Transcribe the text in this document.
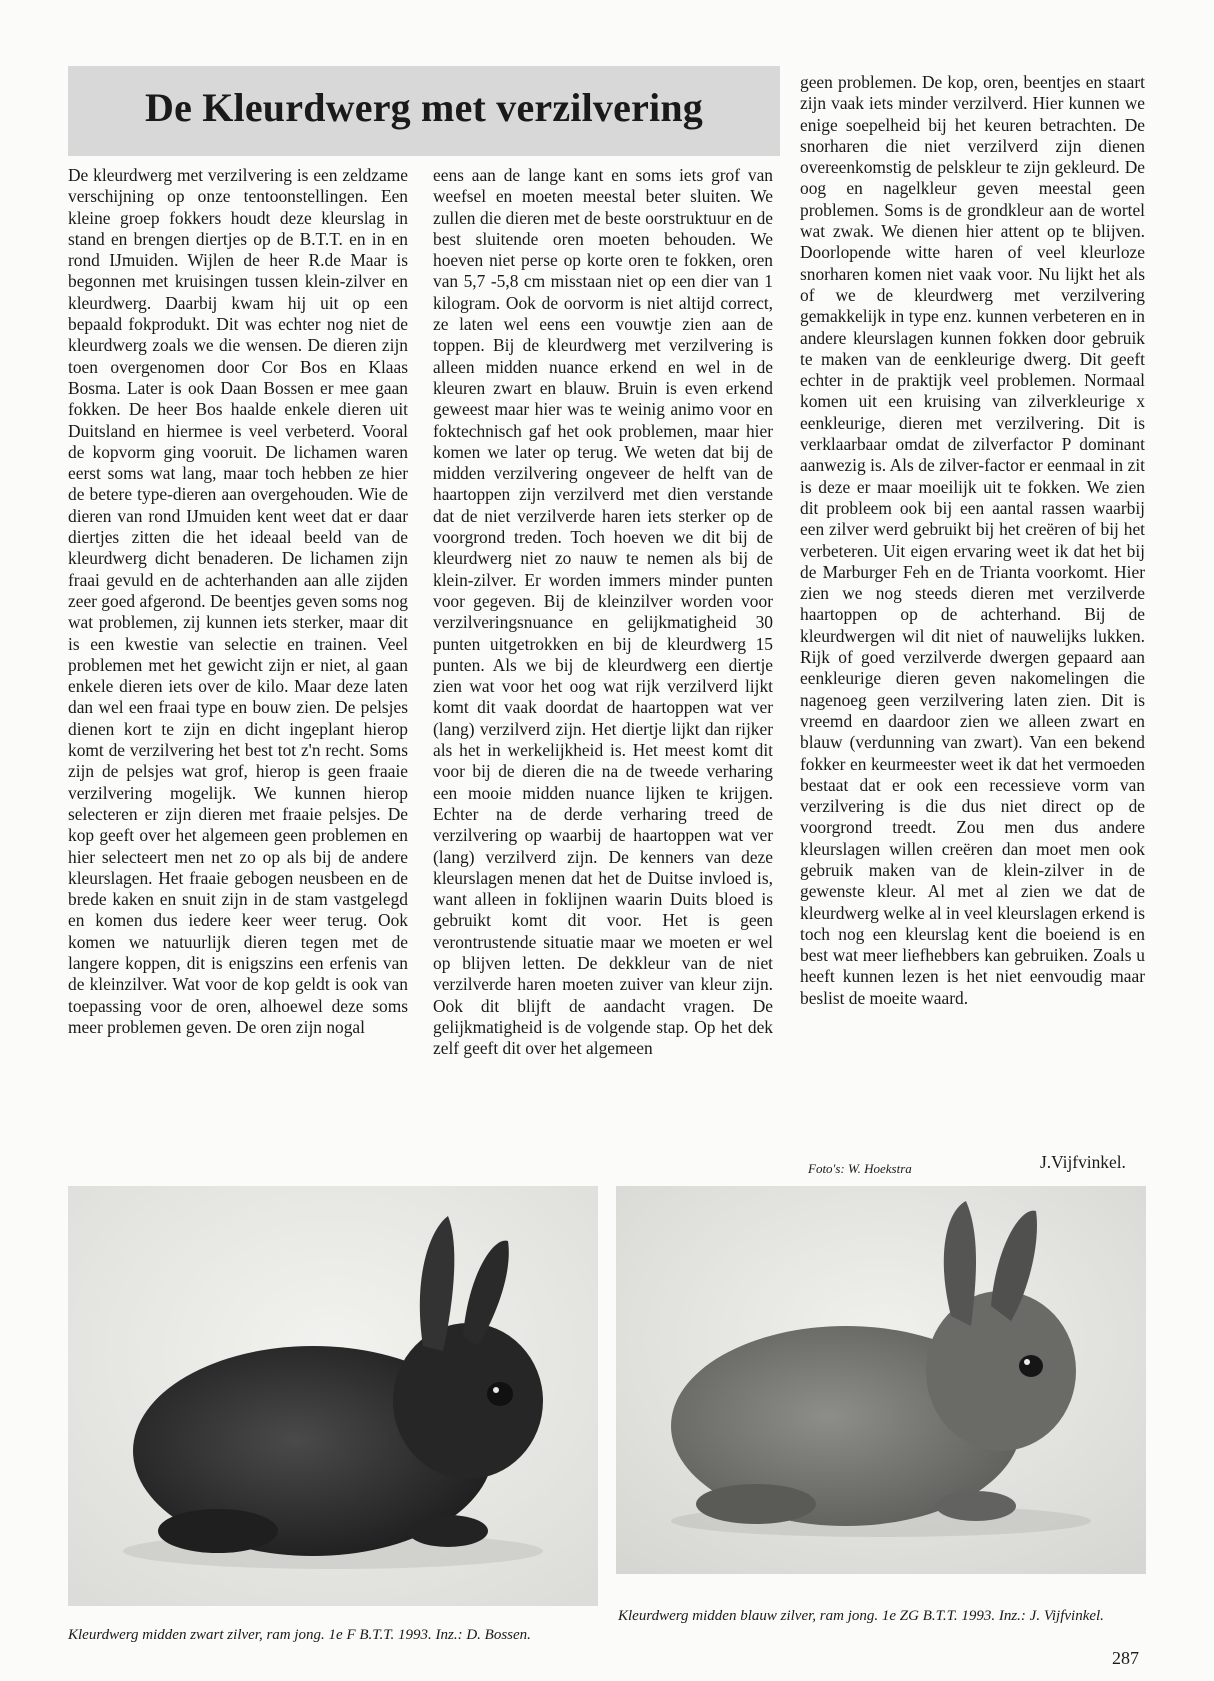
De Kleurdwerg met verzilvering

De kleurdwerg met verzilvering is een zeldzame verschijning op onze tentoonstellingen. Een kleine groep fokkers houdt deze kleurslag in stand en brengen diertjes op de B.T.T. en in en rond IJmuiden. Wijlen de heer R.de Maar is begonnen met kruisingen tussen klein-zilver en kleurdwerg. Daarbij kwam hij uit op een bepaald fokprodukt. Dit was echter nog niet de kleurdwerg zoals we die wensen. De dieren zijn toen overgenomen door Cor Bos en Klaas Bosma. Later is ook Daan Bossen er mee gaan fokken. De heer Bos haalde enkele dieren uit Duitsland en hiermee is veel verbeterd. Vooral de kopvorm ging vooruit. De lichamen waren eerst soms wat lang, maar toch hebben ze hier de betere type-dieren aan overgehouden. Wie de dieren van rond IJmuiden kent weet dat er daar diertjes zitten die het ideaal beeld van de kleurdwerg dicht benaderen. De lichamen zijn fraai gevuld en de achterhanden aan alle zijden zeer goed afgerond. De beentjes geven soms nog wat problemen, zij kunnen iets sterker, maar dit is een kwestie van selectie en trainen. Veel problemen met het gewicht zijn er niet, al gaan enkele dieren iets over de kilo. Maar deze laten dan wel een fraai type en bouw zien. De pelsjes dienen kort te zijn en dicht ingeplant hierop komt de verzilvering het best tot z'n recht. Soms zijn de pelsjes wat grof, hierop is geen fraaie verzilvering mogelijk. We kunnen hierop selecteren er zijn dieren met fraaie pelsjes. De kop geeft over het algemeen geen problemen en hier selecteert men net zo op als bij de andere kleurslagen. Het fraaie gebogen neusbeen en de brede kaken en snuit zijn in de stam vastgelegd en komen dus iedere keer weer terug. Ook komen we natuurlijk dieren tegen met de langere koppen, dit is enigszins een erfenis van de kleinzilver. Wat voor de kop geldt is ook van toepassing voor de oren, alhoewel deze soms meer problemen geven. De oren zijn nogal

eens aan de lange kant en soms iets grof van weefsel en moeten meestal beter sluiten. We zullen die dieren met de beste oorstruktuur en de best sluitende oren moeten behouden. We hoeven niet perse op korte oren te fokken, oren van 5,7 -5,8 cm misstaan niet op een dier van 1 kilogram. Ook de oorvorm is niet altijd correct, ze laten wel eens een vouwtje zien aan de toppen. Bij de kleurdwerg met verzilvering is alleen midden nuance erkend en wel in de kleuren zwart en blauw. Bruin is even erkend geweest maar hier was te weinig animo voor en foktechnisch gaf het ook problemen, maar hier komen we later op terug. We weten dat bij de midden verzilvering ongeveer de helft van de haartoppen zijn verzilverd met dien verstande dat de niet verzilverde haren iets sterker op de voorgrond treden. Toch hoeven we dit bij de kleurdwerg niet zo nauw te nemen als bij de klein-zilver. Er worden immers minder punten voor gegeven. Bij de kleinzilver worden voor verzilveringsnuance en gelijkmatigheid 30 punten uitgetrokken en bij de kleurdwerg 15 punten. Als we bij de kleurdwerg een diertje zien wat voor het oog wat rijk verzilverd lijkt komt dit vaak doordat de haartoppen wat ver (lang) verzilverd zijn. Het diertje lijkt dan rijker als het in werkelijkheid is. Het meest komt dit voor bij de dieren die na de tweede verharing een mooie midden nuance lijken te krijgen. Echter na de derde verharing treed de verzilvering op waarbij de haartoppen wat ver (lang) verzilverd zijn. De kenners van deze kleurslagen menen dat het de Duitse invloed is, want alleen in foklijnen waarin Duits bloed is gebruikt komt dit voor. Het is geen verontrustende situatie maar we moeten er wel op blijven letten. De dekkleur van de niet verzilverde haren moeten zuiver van kleur zijn. Ook dit blijft de aandacht vragen. De gelijkmatigheid is de volgende stap. Op het dek zelf geeft dit over het algemeen

geen problemen. De kop, oren, beentjes en staart zijn vaak iets minder verzilverd. Hier kunnen we enige soepelheid bij het keuren betrachten. De snorharen die niet verzilverd zijn dienen overeenkomstig de pelskleur te zijn gekleurd. De oog en nagelkleur geven meestal geen problemen. Soms is de grondkleur aan de wortel wat zwak. We dienen hier attent op te blijven. Doorlopende witte haren of veel kleurloze snorharen komen niet vaak voor. Nu lijkt het als of we de kleurdwerg met verzilvering gemakkelijk in type enz. kunnen verbeteren en in andere kleurslagen kunnen fokken door gebruik te maken van de eenkleurige dwerg. Dit geeft echter in de praktijk veel problemen. Normaal komen uit een kruising van zilverkleurige x eenkleurige, dieren met verzilvering. Dit is verklaarbaar omdat de zilverfactor P dominant aanwezig is. Als de zilver-factor er eenmaal in zit is deze er maar moeilijk uit te fokken. We zien dit probleem ook bij een aantal rassen waarbij een zilver werd gebruikt bij het creëren of bij het verbeteren. Uit eigen ervaring weet ik dat het bij de Marburger Feh en de Trianta voorkomt. Hier zien we nog steeds dieren met verzilverde haartoppen op de achterhand. Bij de kleurdwergen wil dit niet of nauwelijks lukken. Rijk of goed verzilverde dwergen gepaard aan eenkleurige dieren geven nakomelingen die nagenoeg geen verzilvering laten zien. Dit is vreemd en daardoor zien we alleen zwart en blauw (verdunning van zwart). Van een bekend fokker en keurmeester weet ik dat het vermoeden bestaat dat er ook een recessieve vorm van verzilvering is die dus niet direct op de voorgrond treedt. Zou men dus andere kleurslagen willen creëren dan moet men ook gebruik maken van de klein-zilver in de gewenste kleur. Al met al zien we dat de kleurdwerg welke al in veel kleurslagen erkend is toch nog een kleurslag kent die boeiend is en best wat meer liefhebbers kan gebruiken. Zoals u heeft kunnen lezen is het niet eenvoudig maar beslist de moeite waard.

Foto's: W. Hoekstra	J.Vijfvinkel.
Kleurdwerg midden zwart zilver, ram jong. 1e F B.T.T. 1993. Inz.: D. Bossen.
Kleurdwerg midden blauw zilver, ram jong. 1e ZG B.T.T. 1993. Inz.: J. Vijfvinkel.
287
